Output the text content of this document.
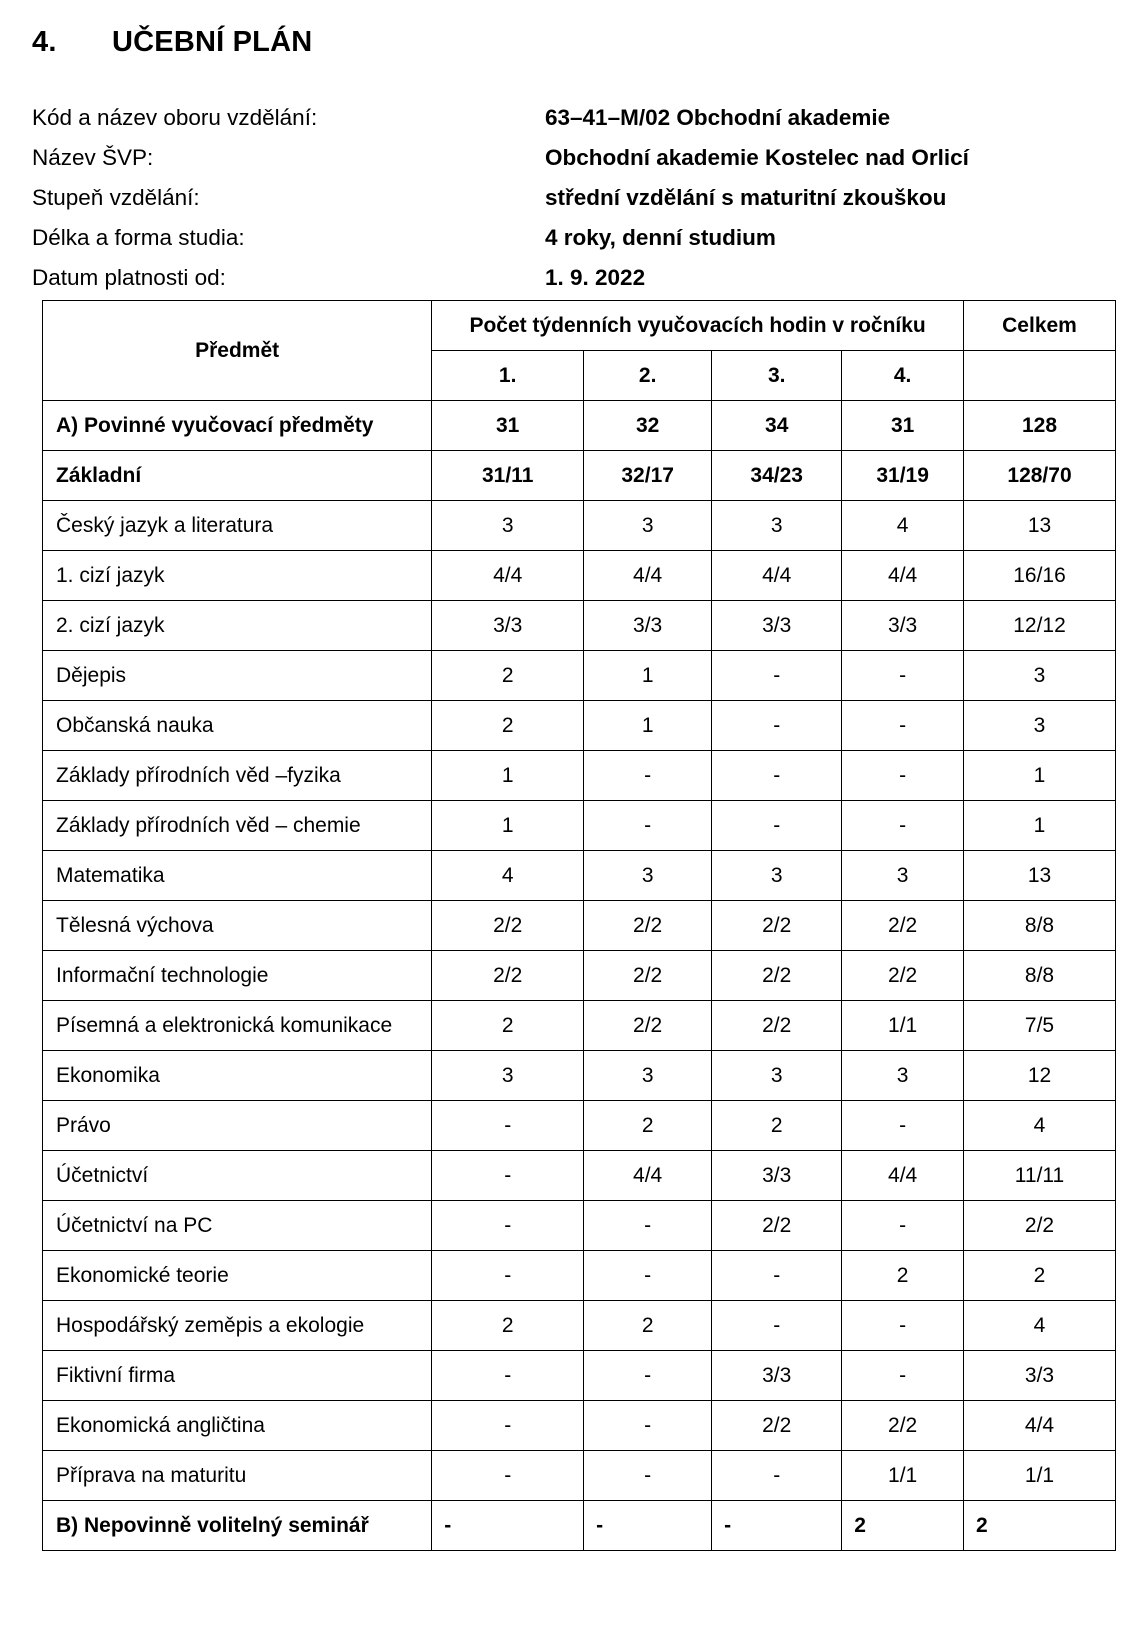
4. UČEBNÍ PLÁN
Kód a název oboru vzdělání:	63–41–M/02 Obchodní akademie
Název ŠVP:	Obchodní akademie Kostelec nad Orlicí
Stupeň vzdělání:	střední vzdělání s maturitní zkouškou
Délka a forma studia:	4 roky, denní studium
Datum platnosti od:	1. 9. 2022
Předmět	Počet týdenních vyučovacích hodin v ročníku				Celkem
	1.	2.	3.	4.	
A) Povinné vyučovací předměty	31	32	34	31	128
Základní	31/11	32/17	34/23	31/19	128/70
Český jazyk a literatura	3	3	3	4	13
1. cizí jazyk	4/4	4/4	4/4	4/4	16/16
2. cizí jazyk	3/3	3/3	3/3	3/3	12/12
Dějepis	2	1	-	-	3
Občanská nauka	2	1	-	-	3
Základy přírodních věd –fyzika	1	-	-	-	1
Základy přírodních věd – chemie	1	-	-	-	1
Matematika	4	3	3	3	13
Tělesná výchova	2/2	2/2	2/2	2/2	8/8
Informační technologie	2/2	2/2	2/2	2/2	8/8
Písemná a elektronická komunikace	2	2/2	2/2	1/1	7/5
Ekonomika	3	3	3	3	12
Právo	-	2	2	-	4
Účetnictví	-	4/4	3/3	4/4	11/11
Účetnictví na PC	-	-	2/2	-	2/2
Ekonomické teorie	-	-	-	2	2
Hospodářský zeměpis a ekologie	2	2	-	-	4
Fiktivní firma	-	-	3/3	-	3/3
Ekonomická angličtina	-	-	2/2	2/2	4/4
Příprava na maturitu	-	-	-	1/1	1/1
B) Nepovinně volitelný seminář	-	-	-	2	2
